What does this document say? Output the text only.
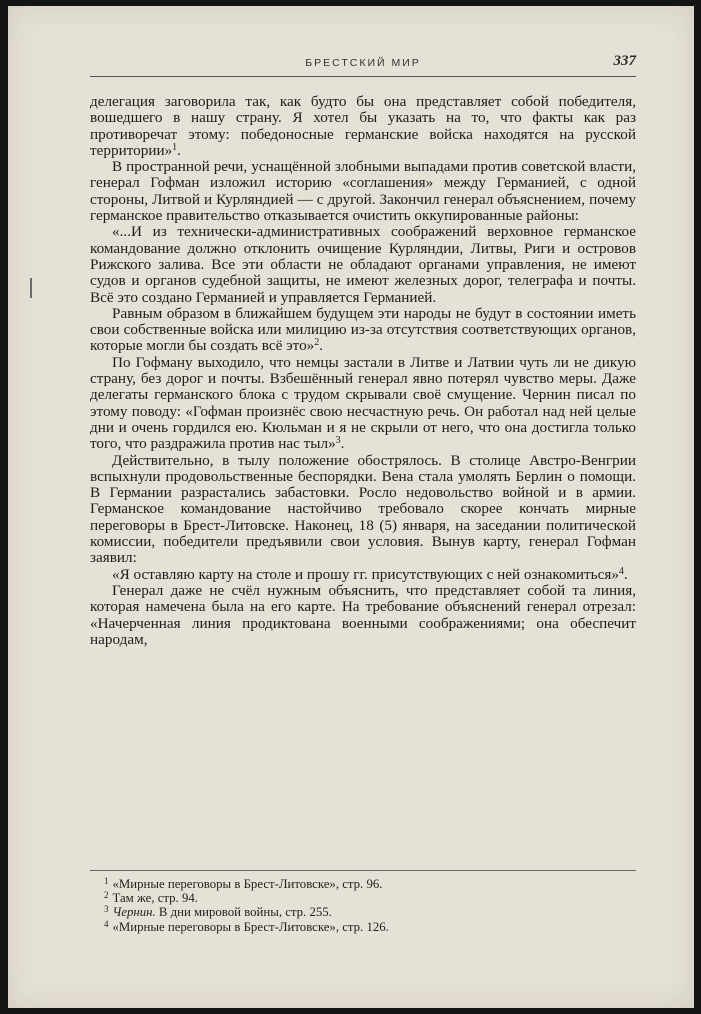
БРЕСТСКИЙ МИР	337

делегация заговорила так, как будто бы она представляет собой победителя, вошедшего в нашу страну. Я хотел бы указать на то, что факты как раз противоречат этому: победоносные германские войска находятся на русской территории»$^1$.

В пространной речи, уснащённой злобными выпадами против советской власти, генерал Гофман изложил историю «соглашения» между Германией, с одной стороны, Литвой и Курляндией — с другой. Закончил генерал объяснением, почему германское правительство отказывается очистить оккупированные районы:

«...И из технически-административных соображений верховное германское командование должно отклонить очищение Курляндии, Литвы, Риги и островов Рижского залива. Все эти области не обладают органами управления, не имеют судов и органов судебной защиты, не имеют железных дорог, телеграфа и почты. Всё это создано Германией и управляется Германией.

Равным образом в ближайшем будущем эти народы не будут в состоянии иметь свои собственные войска или милицию из-за отсутствия соответствующих органов, которые могли бы создать всё это»$^2$.

По Гофману выходило, что немцы застали в Литве и Латвии чуть ли не дикую страну, без дорог и почты. Взбешённый генерал явно потерял чувство меры. Даже делегаты германского блока с трудом скрывали своё смущение. Чернин писал по этому поводу: «Гофман произнёс свою несчастную речь. Он работал над ней целые дни и очень гордился ею. Кюльман и я не скрыли от него, что она достигла только того, что раздражила против нас тыл»$^3$.

Действительно, в тылу положение обострялось. В столице Австро-Венгрии вспыхнули продовольственные беспорядки. Вена стала умолять Берлин о помощи. В Германии разрастались забастовки. Росло недовольство войной и в армии. Германское командование настойчиво требовало скорее кончать мирные переговоры в Брест-Литовске. Наконец, 18 (5) января, на заседании политической комиссии, победители предъявили свои условия. Вынув карту, генерал Гофман заявил:

«Я оставляю карту на столе и прошу гг. присутствующих с ней ознакомиться»$^4$.

Генерал даже не счёл нужным объяснить, что представляет собой та линия, которая намечена была на его карте. На требование объяснений генерал отрезал: «Начерченная линия продиктована военными соображениями; она обеспечит народам,

$^1$ «Мирные переговоры в Брест-Литовске», стр. 96.
$^2$ Там же, стр. 94.
$^3$ Чернин. В дни мировой войны, стр. 255.
$^4$ «Мирные переговоры в Брест-Литовске», стр. 126.
